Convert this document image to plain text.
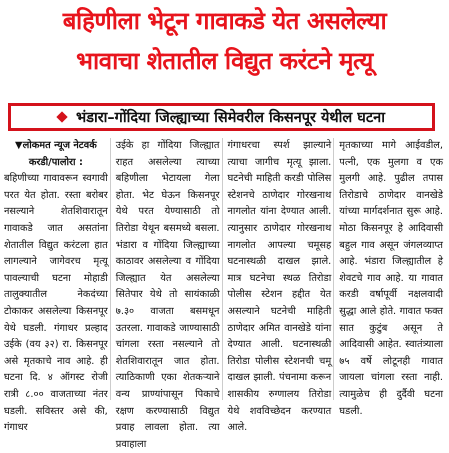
बहिणीला भेटून गावाकडे येत असलेल्या
भावाचा शेतातील विद्युत करंटने मृत्यू
भंडारा–गोंदिया जिल्ह्याच्या सिमेवरील किसनपूर येथील घटना

▼लोकमत न्यूज नेटवर्क

करडी/पालोरा :

बहिणीच्या गावावरून स्वगावी परत येत होता. रस्ता बरोबर नसल्याने शेतशिवारातून गावाकडे जात असतांना शेतातील विद्युत करंटला हात लागल्याने जागेवरच मृत्यू पावल्याची घटना मोहाडी तालुक्यातील नेकदंच्या टोकाकर असलेल्या किसनपूर येथे घडली. गंगाधर प्रल्हाद उईके (वय ३२) रा. किसनपूर असे मृतकाचे नाव आहे. ही घटना दि. ४ ऑगस्ट रोजी रात्री ८.०० वाजताच्या नंतर घडली. सविस्तर असे की, गंगाधर

उईके हा गोंदिया जिल्ह्यात राहत असलेल्या त्याच्या बहिणीला भेटायला गेला होता. भेट घेऊन किसनपूर येथे परत येण्यासाठी तो तिरोडा येथून बसमध्ये बसला. भंडारा व गोंदिया जिल्ह्याच्या काठावर असलेल्या व गोंदिया जिल्ह्यात येत असलेल्या सितेपार येथे तो सायंकाळी ७.३० वाजता बसमधून उतरला. गावाकडे जाण्यासाठी चांगला रस्ता नसल्याने तो शेतशिवारातून जात होता. त्याठिकाणी एका शेतकऱ्याने वन्य प्राण्यांपासून पिकाचे रक्षण करण्यासाठी विद्युत प्रवाह लावला होता. त्या प्रवाहाला

गंगाधरचा स्पर्श झाल्याने त्याचा जागीच मृत्यू झाला. घटनेची माहिती करडी पोलिस स्टेशनचे ठाणेदार गोरखनाथ नागलोत यांना देण्यात आली. त्यानुसार ठाणेदार गोरखनाथ नागलोत आपल्या चमूसह घटनास्थळी दाखल झाले. मात्र घटनेचा स्थळ तिरोडा पोलीस स्टेशन हद्दीत येत असल्याने घटनेची माहिती ठाणेदार अमित वानखेडे यांना देण्यात आली. घटनास्थळी तिरोडा पोलीस स्टेशनची चमू दाखल झाली. पंचनामा करून शासकीय रुग्णालय तिरोडा येथे शवविच्छेदन करण्यात आले.

मृतकाच्या मागे आईवडील, पत्नी, एक मुलगा व एक मुलगी आहे. पुढील तपास तिरोडाचे ठाणेदार वानखेडे यांच्या मार्गदर्शनात सुरू आहे. मोठा किसनपूर हे आदिवासी बहुल गाव असून जंगलव्याप्त आहे. भंडारा जिल्ह्यातील हे शेवटचे गाव आहे. या गावात करडी वर्षापूर्वी नक्षलवादी सुद्धा आले होते. गावात फक्त सात कुटुंब असून ते आदिवासी आहेत. स्वातंत्र्याला ७५ वर्षे लोटूनही गावात जायला चांगला रस्ता नाही. त्यामुळेच ही दुर्दैवी घटना घडली.
